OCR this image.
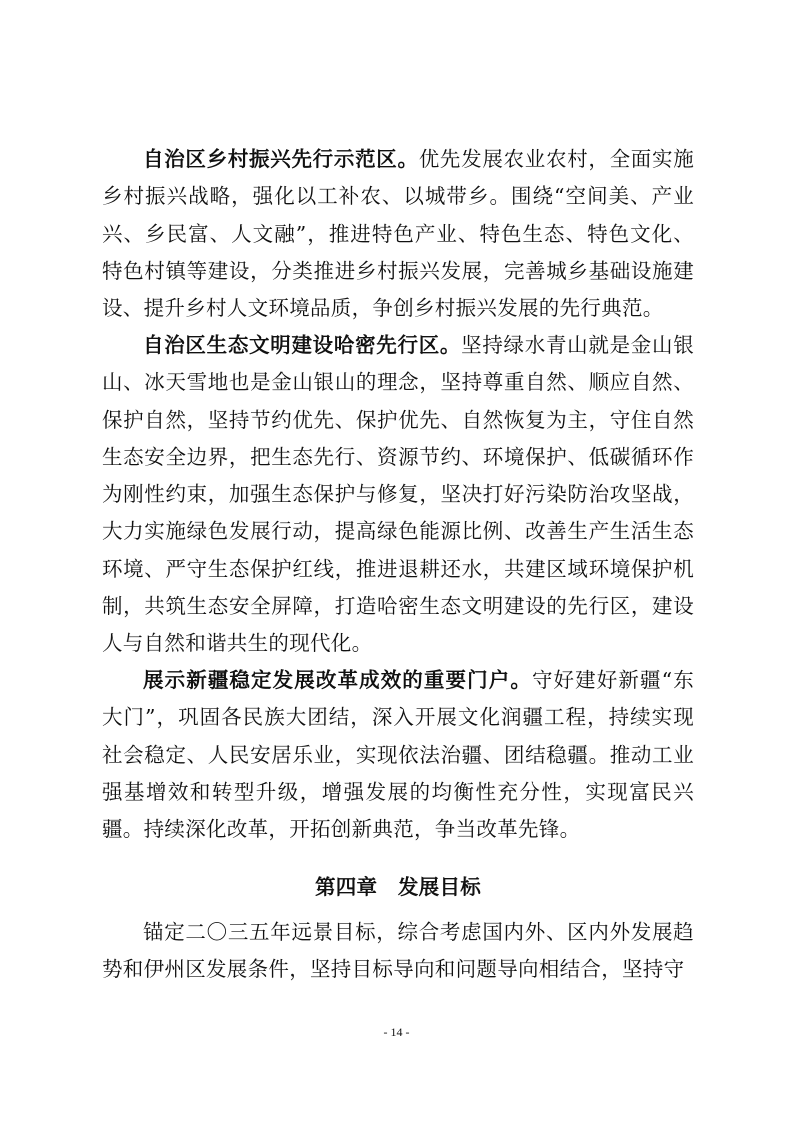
自治区乡村振兴先行示范区。优先发展农业农村，全面实施乡村振兴战略，强化以工补农、以城带乡。围绕“空间美、产业兴、乡民富、人文融”，推进特色产业、特色生态、特色文化、特色村镇等建设，分类推进乡村振兴发展，完善城乡基础设施建设、提升乡村人文环境品质，争创乡村振兴发展的先行典范。

自治区生态文明建设哈密先行区。坚持绿水青山就是金山银山、冰天雪地也是金山银山的理念，坚持尊重自然、顺应自然、保护自然，坚持节约优先、保护优先、自然恢复为主，守住自然生态安全边界，把生态先行、资源节约、环境保护、低碳循环作为刚性约束，加强生态保护与修复，坚决打好污染防治攻坚战，大力实施绿色发展行动，提高绿色能源比例、改善生产生活生态环境、严守生态保护红线，推进退耕还水，共建区域环境保护机制，共筑生态安全屏障，打造哈密生态文明建设的先行区，建设人与自然和谐共生的现代化。

展示新疆稳定发展改革成效的重要门户。守好建好新疆“东大门”，巩固各民族大团结，深入开展文化润疆工程，持续实现社会稳定、人民安居乐业，实现依法治疆、团结稳疆。推动工业强基增效和转型升级，增强发展的均衡性充分性，实现富民兴疆。持续深化改革，开拓创新典范，争当改革先锋。

第四章 发展目标

锚定二〇三五年远景目标，综合考虑国内外、区内外发展趋势和伊州区发展条件，坚持目标导向和问题导向相结合，坚持守

- 14 -
